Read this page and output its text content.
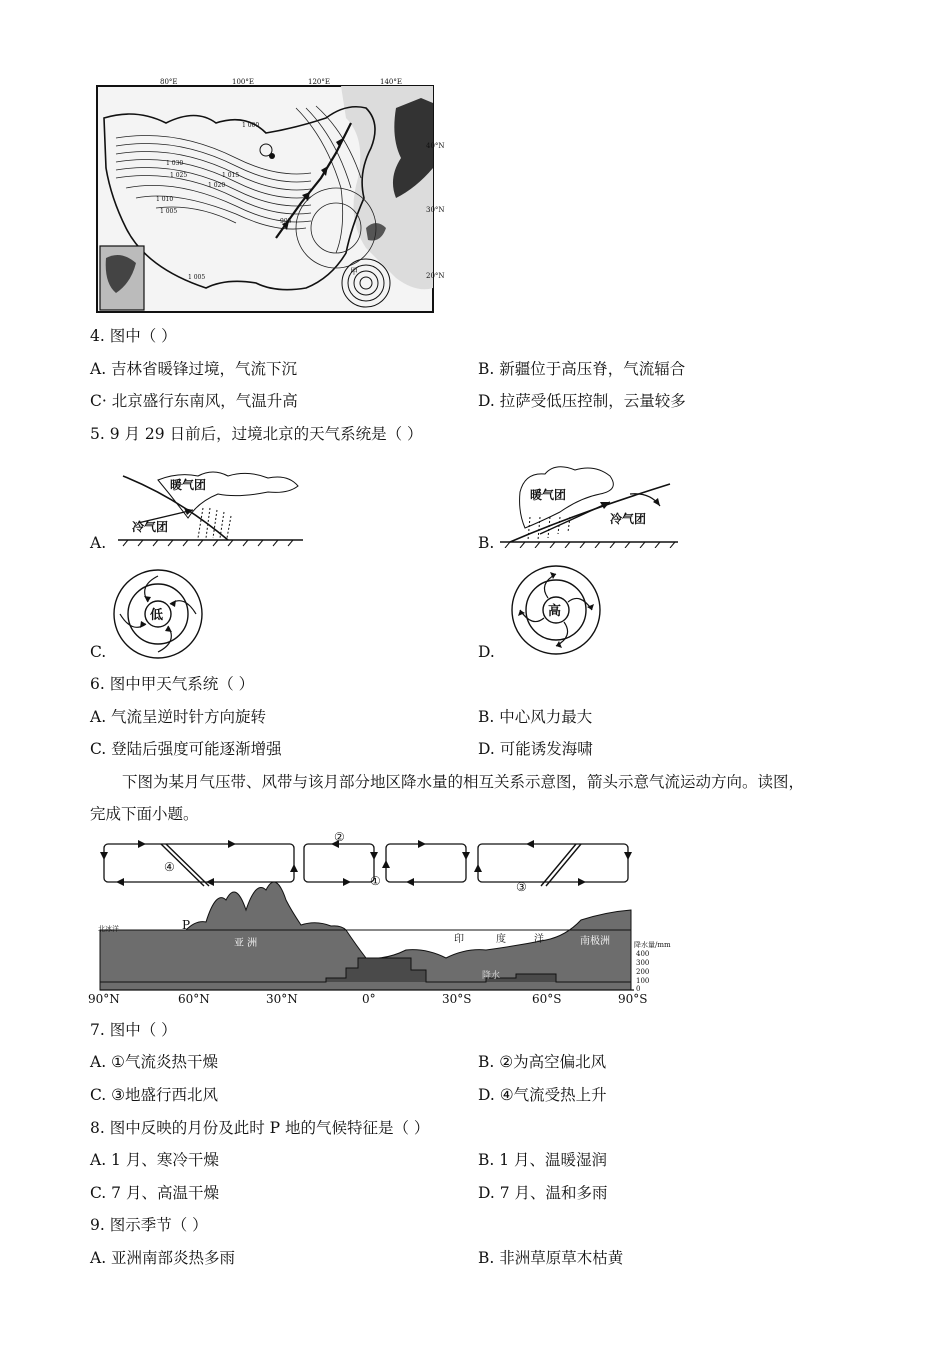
80°E	100°E	120°E	140°E
40°N
30°N
20°N
1 030
1 025
1 020
1 015
1 010
1 005
1 000
995
1 005
甲
4. 图中（ ）
A. 吉林省暖锋过境，气流下沉	B. 新疆位于高压脊，气流辐合
C· 北京盛行东南风，气温升高	D. 拉萨受低压控制，云量较多
5. 9 月 29 日前后，过境北京的天气系统是（ ）
暖气团
冷气团
A.
暖气团
冷气团
B.
低
C.
高
D.
6. 图中甲天气系统（ ）
A. 气流呈逆时针方向旋转	B. 中心风力最大
C. 登陆后强度可能逐渐增强	D. 可能诱发海啸
下图为某月气压带、风带与该月部分地区降水量的相互关系示意图，箭头示意气流运动方向。读图，
完成下面小题。
②
①	③
④
P
北冰洋
亚 洲	印	度	洋	南极洲
降水
降水量/mm
400
300
200
100
0
90°N	60°N	30°N	0°	30°S	60°S	90°S
7. 图中（ ）
A. ①气流炎热干燥	B. ②为高空偏北风
C. ③地盛行西北风	D. ④气流受热上升
8. 图中反映的月份及此时 P 地的气候特征是（ ）
A. 1 月、寒冷干燥	B. 1 月、温暖湿润
C. 7 月、高温干燥	D. 7 月、温和多雨
9. 图示季节（ ）
A. 亚洲南部炎热多雨	B. 非洲草原草木枯黄
